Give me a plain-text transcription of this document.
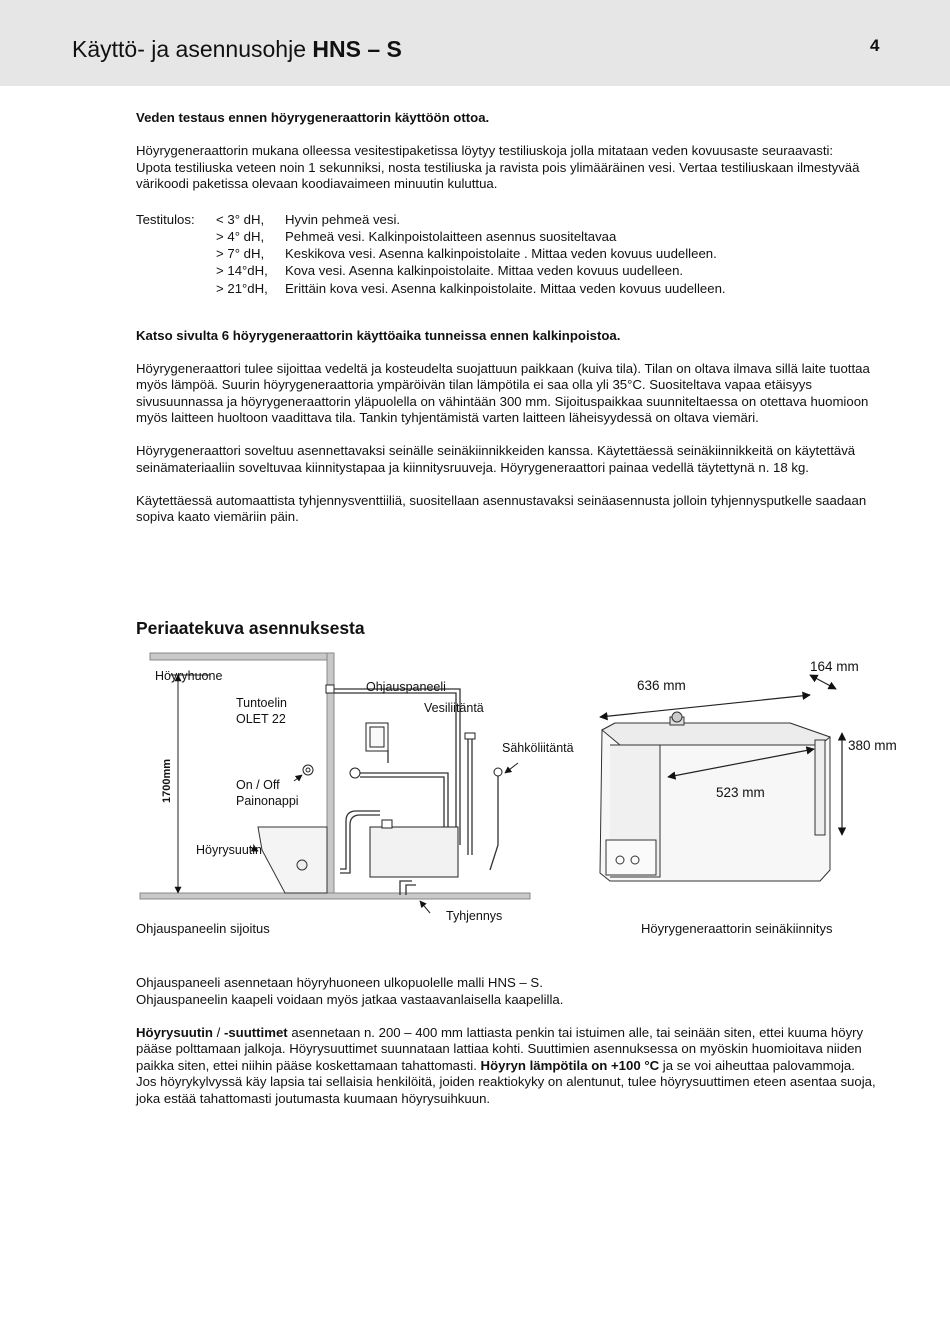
Käyttö- ja asennusohje HNS – S	4

Veden testaus ennen höyrygeneraattorin käyttöön ottoa.

Höyrygeneraattorin mukana olleessa vesitestipaketissa löytyy testiliuskoja jolla mitataan veden kovuusaste seuraavasti:

Upota testiliuska veteen noin 1 sekunniksi, nosta testiliuska ja ravista pois ylimääräinen vesi. Vertaa testiliuskaan ilmestyvää värikoodi paketissa olevaan koodiavaimeen minuutin kuluttua.

Testitulos:	< 3° dH,	Hyvin pehmeä vesi.
> 4° dH,	Pehmeä vesi. Kalkinpoistolaitteen asennus suositeltavaa
> 7° dH,	Keskikova vesi. Asenna kalkinpoistolaite . Mittaa veden kovuus uudelleen.
> 14°dH,	Kova vesi. Asenna kalkinpoistolaite. Mittaa veden kovuus uudelleen.
> 21°dH,	Erittäin kova vesi. Asenna kalkinpoistolaite. Mittaa veden kovuus uudelleen.

Katso sivulta 6 höyrygeneraattorin käyttöaika tunneissa ennen kalkinpoistoa.

Höyrygeneraattori tulee sijoittaa vedeltä ja kosteudelta suojattuun paikkaan (kuiva tila). Tilan on oltava ilmava sillä laite tuottaa myös lämpöä. Suurin höyrygeneraattoria ympäröivän tilan lämpötila ei saa olla yli 35°C. Suositeltava vapaa etäisyys sivusuunnassa ja höyrygeneraattorin yläpuolella on vähintään 300 mm. Sijoituspaikkaa suunniteltaessa on otettava huomioon myös laitteen huoltoon vaadittava tila. Tankin tyhjentämistä varten laitteen läheisyydessä on oltava viemäri.

Höyrygeneraattori soveltuu asennettavaksi seinälle seinäkiinnikkeiden kanssa. Käytettäessä seinäkiinnikkeitä on käytettävä seinämateriaaliin soveltuvaa kiinnitystapaa ja kiinnitysruuveja. Höyrygeneraattori painaa vedellä täytettynä n. 18 kg.

Käytettäessä automaattista tyhjennysventtiiliä, suositellaan asennustavaksi seinäasennusta jolloin tyhjennysputkelle saadaan sopiva kaato viemäriin päin.

Periaatekuva asennuksesta
Höyryhuone
Tuntoelin
OLET 22
Ohjauspaneeli
Vesiliitäntä
Sähköliitäntä
1700mm	On / Off
Painonappi
Höyrysuutin
Tyhjennys
Ohjauspaneelin sijoitus
636 mm
164 mm
380 mm
523 mm
Höyrygeneraattorin seinäkiinnitys

Ohjauspaneeli asennetaan höyryhuoneen ulkopuolelle malli HNS – S.

Ohjauspaneelin kaapeli voidaan myös jatkaa vastaavanlaisella kaapelilla.

Höyrysuutin / -suuttimet asennetaan n. 200 – 400 mm lattiasta penkin tai istuimen alle, tai seinään siten, ettei kuuma höyry pääse polttamaan jalkoja. Höyrysuuttimet suunnataan lattiaa kohti. Suuttimien asennuksessa on myöskin huomioitava niiden paikka siten, ettei niihin pääse koskettamaan tahattomasti. Höyryn lämpötila on +100 °C ja se voi aiheuttaa palovammoja.

Jos höyrykylvyssä käy lapsia tai sellaisia henkilöitä, joiden reaktiokyky on alentunut, tulee höyrysuuttimen eteen asentaa suoja, joka estää tahattomasti joutumasta kuumaan höyrysuihkuun.
